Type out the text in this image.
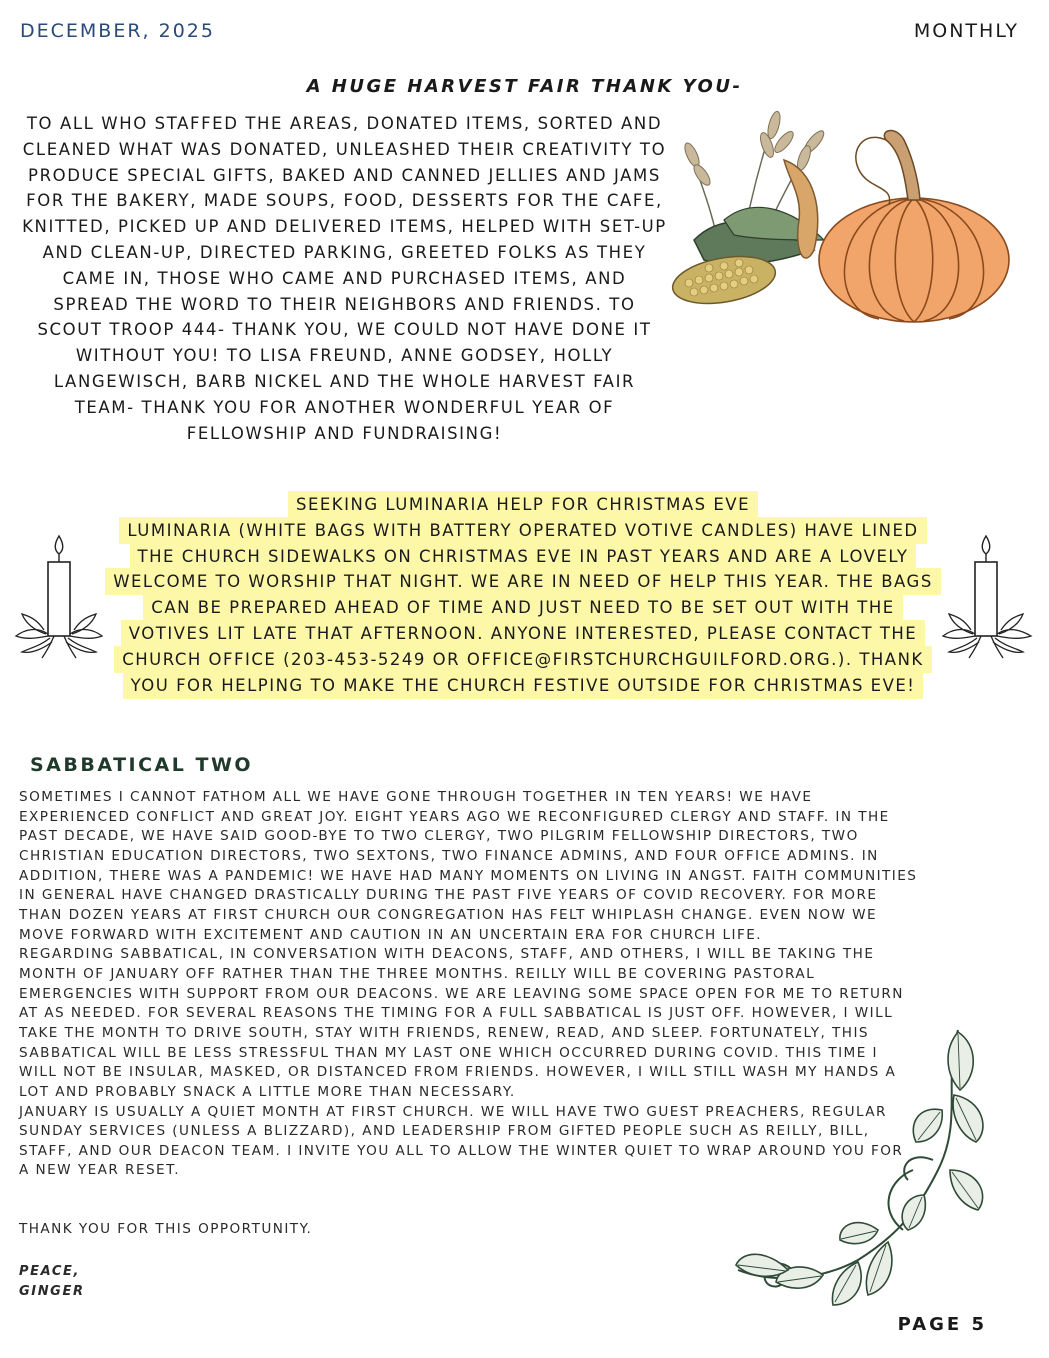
DECEMBER, 2025	MONTHLY
A HUGE HARVEST FAIR THANK YOU-
TO ALL WHO STAFFED THE AREAS, DONATED ITEMS, SORTED AND CLEANED WHAT WAS DONATED, UNLEASHED THEIR CREATIVITY TO PRODUCE SPECIAL GIFTS, BAKED AND CANNED JELLIES AND JAMS FOR THE BAKERY, MADE SOUPS, FOOD, DESSERTS FOR THE CAFE, KNITTED, PICKED UP AND DELIVERED ITEMS, HELPED WITH SET-UP AND CLEAN-UP, DIRECTED PARKING, GREETED FOLKS AS THEY CAME IN, THOSE WHO CAME AND PURCHASED ITEMS, AND SPREAD THE WORD TO THEIR NEIGHBORS AND FRIENDS. TO SCOUT TROOP 444- THANK YOU, WE COULD NOT HAVE DONE IT WITHOUT YOU! TO LISA FREUND, ANNE GODSEY, HOLLY LANGEWISCH, BARB NICKEL AND THE WHOLE HARVEST FAIR TEAM- THANK YOU FOR ANOTHER WONDERFUL YEAR OF FELLOWSHIP AND FUNDRAISING!
SEEKING LUMINARIA HELP FOR CHRISTMAS EVE
LUMINARIA (WHITE BAGS WITH BATTERY OPERATED VOTIVE CANDLES) HAVE LINED THE CHURCH SIDEWALKS ON CHRISTMAS EVE IN PAST YEARS AND ARE A LOVELY WELCOME TO WORSHIP THAT NIGHT. WE ARE IN NEED OF HELP THIS YEAR. THE BAGS CAN BE PREPARED AHEAD OF TIME AND JUST NEED TO BE SET OUT WITH THE VOTIVES LIT LATE THAT AFTERNOON. ANYONE INTERESTED, PLEASE CONTACT THE CHURCH OFFICE (203-453-5249 OR OFFICE@FIRSTCHURCHGUILFORD.ORG.). THANK YOU FOR HELPING TO MAKE THE CHURCH FESTIVE OUTSIDE FOR CHRISTMAS EVE!
SABBATICAL TWO

SOMETIMES I CANNOT FATHOM ALL WE HAVE GONE THROUGH TOGETHER IN TEN YEARS! WE HAVE EXPERIENCED CONFLICT AND GREAT JOY. EIGHT YEARS AGO WE RECONFIGURED CLERGY AND STAFF. IN THE PAST DECADE, WE HAVE SAID GOOD-BYE TO TWO CLERGY, TWO PILGRIM FELLOWSHIP DIRECTORS, TWO CHRISTIAN EDUCATION DIRECTORS, TWO SEXTONS, TWO FINANCE ADMINS, AND FOUR OFFICE ADMINS. IN ADDITION, THERE WAS A PANDEMIC! WE HAVE HAD MANY MOMENTS ON LIVING IN ANGST. FAITH COMMUNITIES IN GENERAL HAVE CHANGED DRASTICALLY DURING THE PAST FIVE YEARS OF COVID RECOVERY. FOR MORE THAN DOZEN YEARS AT FIRST CHURCH OUR CONGREGATION HAS FELT WHIPLASH CHANGE. EVEN NOW WE MOVE FORWARD WITH EXCITEMENT AND CAUTION IN AN UNCERTAIN ERA FOR CHURCH LIFE.

REGARDING SABBATICAL, IN CONVERSATION WITH DEACONS, STAFF, AND OTHERS, I WILL BE TAKING THE MONTH OF JANUARY OFF RATHER THAN THE THREE MONTHS. REILLY WILL BE COVERING PASTORAL EMERGENCIES WITH SUPPORT FROM OUR DEACONS. WE ARE LEAVING SOME SPACE OPEN FOR ME TO RETURN AT AS NEEDED. FOR SEVERAL REASONS THE TIMING FOR A FULL SABBATICAL IS JUST OFF. HOWEVER, I WILL TAKE THE MONTH TO DRIVE SOUTH, STAY WITH FRIENDS, RENEW, READ, AND SLEEP. FORTUNATELY, THIS SABBATICAL WILL BE LESS STRESSFUL THAN MY LAST ONE WHICH OCCURRED DURING COVID. THIS TIME I WILL NOT BE INSULAR, MASKED, OR DISTANCED FROM FRIENDS. HOWEVER, I WILL STILL WASH MY HANDS A LOT AND PROBABLY SNACK A LITTLE MORE THAN NECESSARY.

JANUARY IS USUALLY A QUIET MONTH AT FIRST CHURCH. WE WILL HAVE TWO GUEST PREACHERS, REGULAR SUNDAY SERVICES (UNLESS A BLIZZARD), AND LEADERSHIP FROM GIFTED PEOPLE SUCH AS REILLY, BILL, STAFF, AND OUR DEACON TEAM. I INVITE YOU ALL TO ALLOW THE WINTER QUIET TO WRAP AROUND YOU FOR A NEW YEAR RESET.

THANK YOU FOR THIS OPPORTUNITY.
PEACE,
GINGER
PAGE 5
